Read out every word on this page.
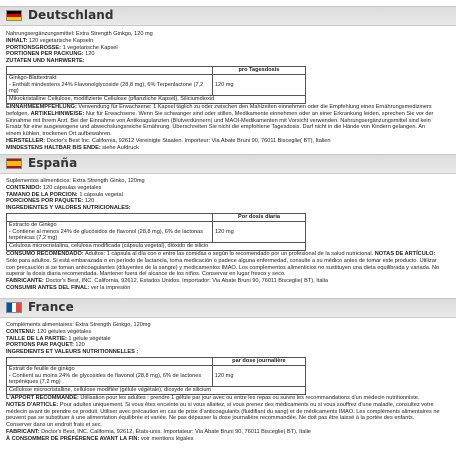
Deutschland
Nahrungsergänzungsmittel: Extra Strength Ginkgo, 120 mg
INHALT: 120 vegetarische Kapseln
PORTIONSGRÖSSE: 1 vegetarische Kapsel
PORTIONEN PER PACKUNG: 120
ZUTATEN UND NÄHRWERTE:
	pro Tagesdosis
Ginkgo-Blattextrakt
- Enthält mindestens 24% Flavonolglycoside (28,8 mg), 6% Terpenlactone (7,2 mg)	120 mg
Mikrokristalline Cellulose, modifizierte Cellulose (pflanzliche Kapsel), Siliciumdioxid	
EINNAHMEEMPFEHLUNG: Verwendung für Erwachsene: 1 Kapsel täglich zu oder zwischen den Mahlzeiten einnehmen oder die Empfehlung eines Ernährungsmediziners befolgen. ARTIKELHINWEISE: Nur für Erwachsene. Wenn Sie schwanger sind oder stillen, Medikamente einnehmen oder an einer Erkrankung leiden, sprechen Sie vor der Einnahme mit Ihrem Arzt. Bei der Einnahme von Antikoagulanzien (Blutverdünnern) und MAOI-Medikamenten mit Vorsicht verwenden. Nahrungsergänzungsmittel sind kein Ersatz für eine ausgewogene und abwechslungsreiche Ernährung. Überschreiten Sie nicht die empfohlene Tagesdosis. Darf nicht in die Hände von Kindern gelangen. An einem kühlen, trockenen Ort aufbewahren.
HERSTELLER: Doctor's Best Inc. California, 92612 Vereinigte Staaten. Importeur: Via Abate Bruni 90, 76011 Bisceglie( BT), Italien
MINDESTENS HALTBAR BIS ENDE: siehe Aufdruck
España
Suplementos alimenticios: Extra Strength Ginko, 120mg
CONTENIDO: 120 cápsulas vegetales
TAMAÑO DE LA PORCIÓN: 1 cápsula vegetal
PORCIONES POR PAQUETE: 120
INGREDIENTES Y VALORES NUTRICIONALES:
	Por dosis diaria
Extracto de Ginkgo
- Contiene al menos 24% de glucósidos de flavonol (28,8 mg), 6% de lactonas terpénicas (7,2 mg)	120 mg
Celulosa microcristalina, celulosa modificada (cápsula vegetal), dióxido de silicio	
CONSUMO RECOMENDADO: Adultos: 1 cápsula al día con o entre las comidas o según lo recomendado por un profesional de la salud nutricional. NOTAS DE ARTÍCULO: Solo para adultos. Si está embarazada o en período de lactancia, toma medicación o padece alguna enfermedad, consulte a su médico antes de tomar este producto. Utilizar con precaución si se toman anticoagulantes (diluyentes de la sangre) y medicamentos IMAO. Los complementos alimenticios no sustituyen una dieta equilibrada y variada. No superar la dosis diaria recomendada. Mantener fuera del alcance de los niños. Conservar en lugar fresco y seco.
FABRICANTE: Doctor's Best, INC. California, 92612, Estados Unidos. Importador: Via Abate Bruni 90, 76011 Bisceglie( BT), Italia
CONSUMIR ANTES DEL FINAL: ver la impresión
France
Compléments alimentaires: Extra Strength Ginkgo, 120mg
CONTENU: 120 gélules végétales
TAILLE DE LA PARTIE: 1 gélule végétale
PORTIONS PAR PAQUET: 120
INGRÉDIENTS ET VALEURS NUTRITIONNELLES :
	par dose journalière
Extrait de feuille de ginkgo
- Contient au moins 24% de glycosides de flavonol (28,8 mg), 6% de lactones terpéniques (7,2 mg)	120 mg
Cellulose microcristalline, cellulose modifiée (gélule végétale), dioxyde de silicium	
L'APPORT RECOMMANDÉ: Utilisation pour les adultes : prendre 1 gélule par jour avec ou entre les repas ou suivre les recommandations d'un médecin nutritionniste. NOTES D'ARTICLE: Pour adultes uniquement. Si vous êtes enceinte ou si vous allaitez, si vous prenez des médicaments ou si vous souffrez d'une maladie, consultez votre médecin avant de prendre ce produit. Utiliser avec précaution en cas de prise d'anticoagulants (fluidifiant du sang) et de médicaments IMAO. Les compléments alimentaires ne peuvent pas se substituer à une alimentation équilibrée et variée. Ne pas dépasser la dose journalière recommandée. Ne doit pas être laissé à la portée des enfants. Conserver dans un endroit frais et sec.
FABRICANT: Doctor's Best, INC. California, 92612, États-unis. Importateur: Via Abate Bruni 90, 76011 Bisceglie( BT), Italie
À CONSOMMER DE PRÉFÉRENCE AVANT LA FIN: voir mentions légales
